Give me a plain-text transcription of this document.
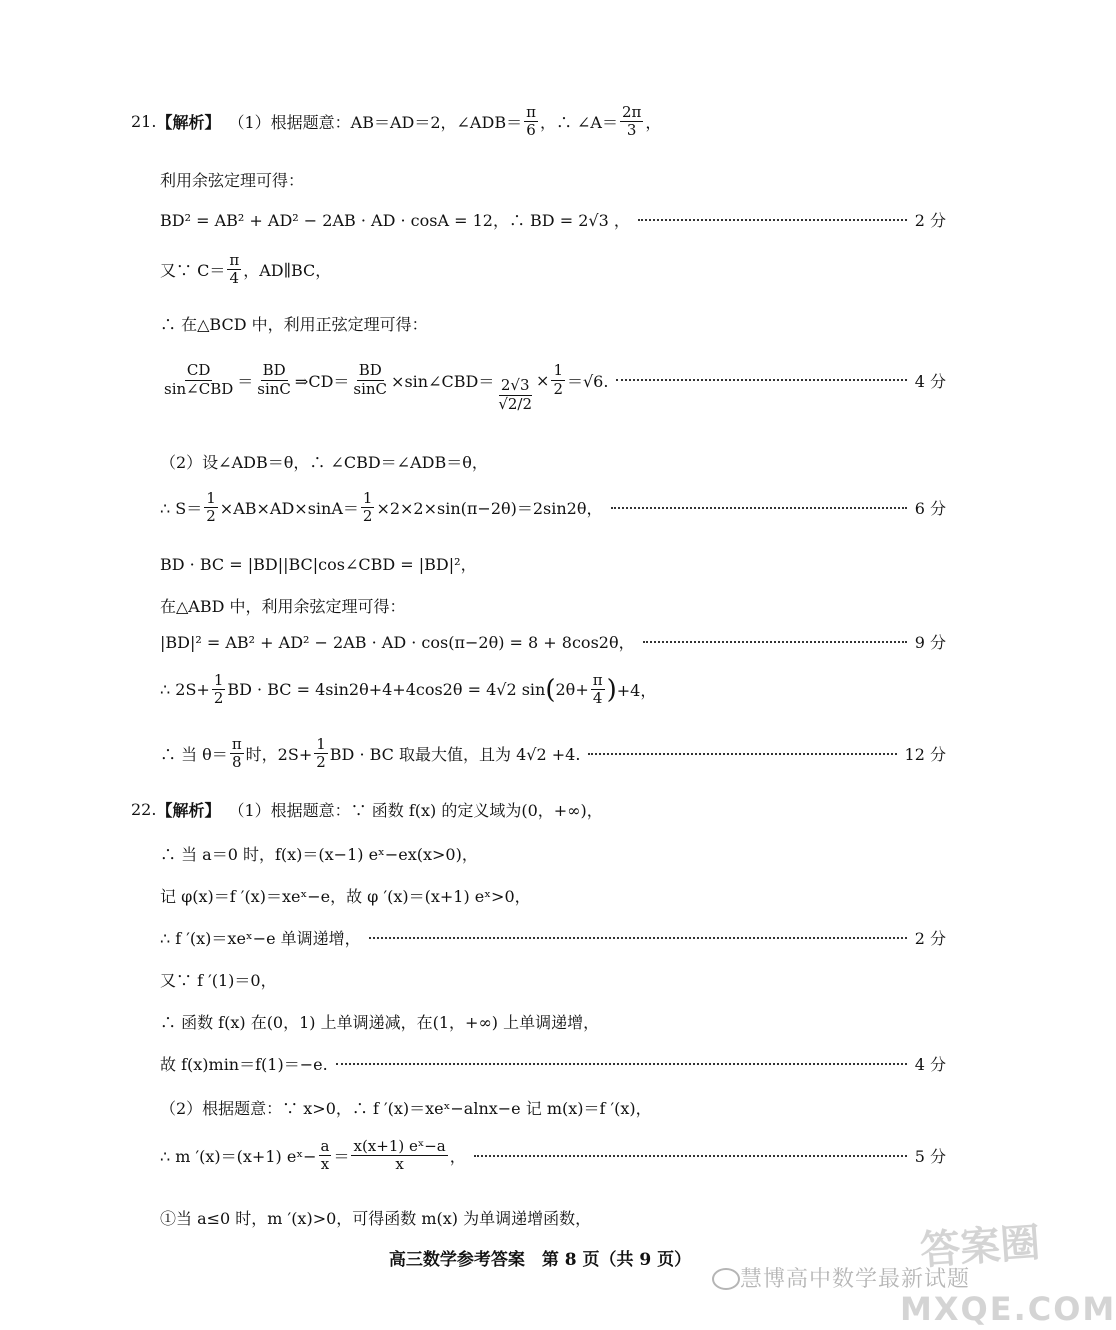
21. 【解析】 （1）根据题意：AB＝AD＝2，∠ADB＝ $\frac{\pi}{6}$ ，∴ ∠A＝ $\frac{2\pi}{3}$ ，
利用余弦定理可得：
BD² = AB² + AD² − 2AB · AD · cosA = 12，∴ BD = 2√3 ，	2 分
又∵ $C= \frac{\pi}{4}$ ，AD∥BC，
∴ 在△BCD 中，利用正弦定理可得：
$\frac{CD}{\text{sin∠CBD}} = \frac{BD}{\sin C}$ ⇒CD＝ $\frac{BD}{\sin C}$ ×sin∠CBD＝ $\frac{2√3}{√2/2} \times \frac{1}{2} =√6$.	4 分
（2）设∠ADB＝θ，∴ ∠CBD＝∠ADB＝θ，
∴ $S= \frac{1}{2} \times AB\times AD\times\sin A= \frac{1}{2} \times 2\times 2\times\sin(\pi-2\theta)=2\sin 2\theta$，	6 分
BD · BC = |BD||BC|cos∠CBD = |BD|²，
在△ABD 中，利用余弦定理可得：
|BD|² = AB² + AD² − 2AB · AD · cos(π−2θ) = 8 + 8cos2θ，	9 分
∴ $2S+ \frac{1}{2}$ BD · BC = 4sin2θ+4+4cos2θ = 4√2 sin ( $2\theta+ \frac{\pi}{4}$ ) +4，
∴ 当 $\theta= \frac{\pi}{8}$ 时，$2S+ \frac{1}{2}$ BD · BC 取最大值，且为 4√2 +4.	12 分
22. 【解析】 （1）根据题意：∵ 函数 f(x) 的定义域为(0，+∞)，
∴ 当 a＝0 时，f(x)＝(x−1) eˣ−ex(x>0)，
记 φ(x)＝f ′(x)＝xeˣ−e，故 φ ′(x)＝(x+1) eˣ>0，
∴ f ′(x)＝xeˣ−e 单调递增，	2 分
又∵ f ′(1)＝0，
∴ 函数 f(x) 在(0，1) 上单调递减，在(1，+∞) 上单调递增，
故 f(x)min＝f(1)＝−e.	4 分
（2）根据题意：∵ x>0，∴ f ′(x)＝xeˣ−alnx−e 记 m(x)＝f ′(x)，
∴ m ′(x)＝(x+1) eˣ− $\frac{a}{x} = \frac{\text{x(x+1) eˣ−a}}{x}$ ，	5 分
①当 a≤0 时，m ′(x)>0，可得函数 m(x) 为单调递增函数，
高三数学参考答案　第 8 页（共 9 页）	答案圈
慧博高中数学最新试题
MXQE.COM
